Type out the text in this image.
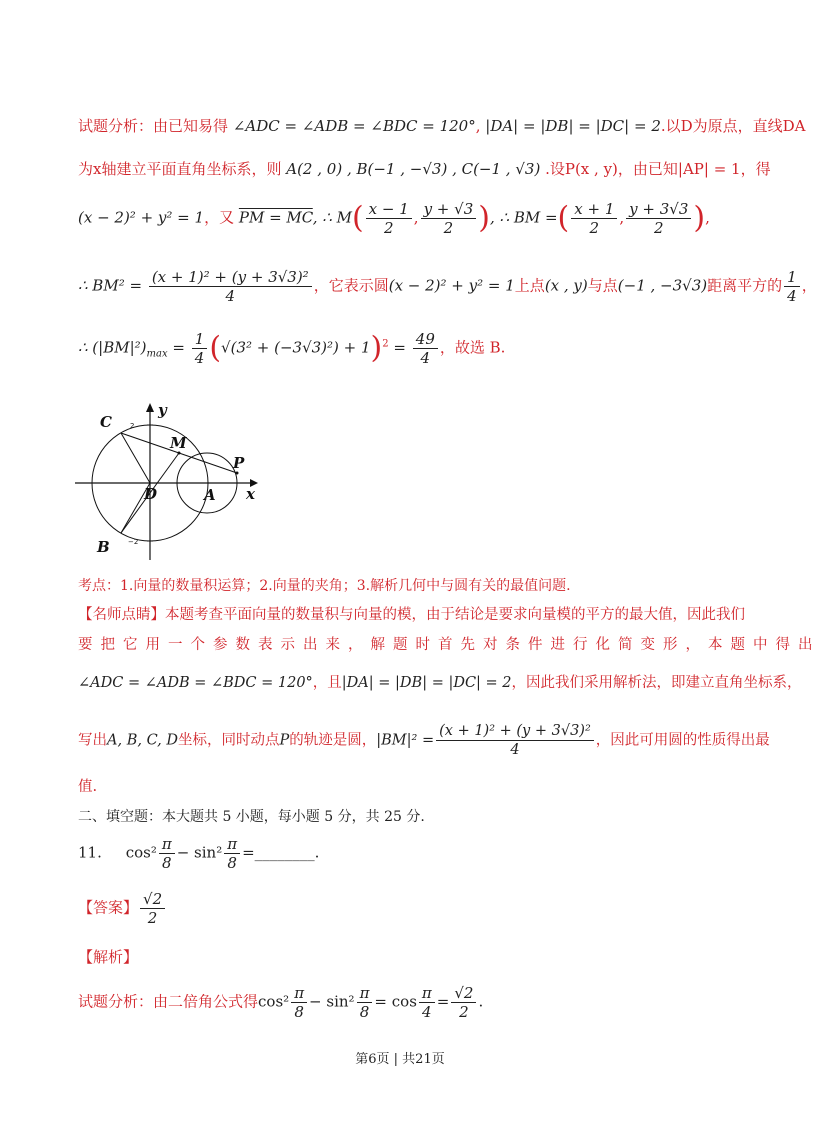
试题分析：由已知易得 ∠ADC = ∠ADB = ∠BDC = 120°, |DA| = |DB| = |DC| = 2.以D为原点，直线DA
为x轴建立平面直角坐标系，则 A(2 , 0) , B(−1 , −√3) , C(−1 , √3) .设P(x , y)，由已知|AP| = 1，得
(x − 2)² + y² = 1，又 PM = MC, ∴ $M( \frac{x - 1}{2}$ , $\frac{y + √3}{2}$ ), ∴ BM =( $\frac{x + 1}{2}$ , $\frac{y + 3√3}{2}$ ),
∴ $BM^2 = \frac{\text{(x + 1)² + (y + 3√3)²}}{4}$ ，它表示圆(x − 2)² + y² = 1上点(x , y)与点(−1 , −3√3)距离平方的 $\frac{1}{4}$ ，
∴ $(|BM|^2)_{max} = \frac{1}{4} (√(3^2 + (-3√3)^2) + 1)^2 = \frac{49}{4}$ ，故选 B.
2
−2
C
M
P
D	A
B
x
y
考点：1.向量的数量积运算；2.向量的夹角；3.解析几何中与圆有关的最值问题.
【名师点睛】本题考查平面向量的数量积与向量的模，由于结论是要求向量模的平方的最大值，因此我们
要把它用一个参数表示出来，解题时首先对条件进行化简变形，本题中得出
∠ADC = ∠ADB = ∠BDC = 120°，且|DA| = |DB| = |DC| = 2，因此我们采用解析法，即建立直角坐标系，
写出A, B, C, D坐标，同时动点P的轨迹是圆，$|BM|^2 = \frac{\text{(x + 1)² + (y + 3√3)²}}{4}$ ，因此可用圆的性质得出最
值.
二、填空题：本大题共 5 小题，每小题 5 分，共 25 分.
11. $\cos^2 \frac{\pi}{8} - \sin^2 \frac{\pi}{8}$ =________.
【答案】 $\frac{√2}{2}$
【解析】
试题分析：由二倍角公式得$\cos^2 \frac{\pi}{8} - \sin^2 \frac{\pi}{8} = \cos \frac{\pi}{4} = \frac{√2}{2}$ .
第6页 | 共21页
